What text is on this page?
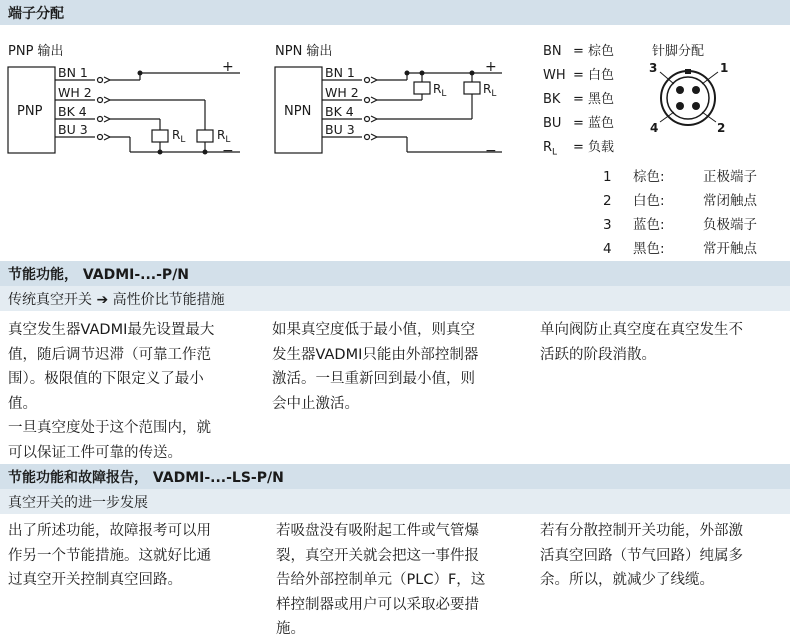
端子分配
PNP 输出	NPN 输出
PNP
BN 1
WH 2
BK 4
BU 3
+
−
$R_L$	$R_L$
NPN
BN 1
WH 2
BK 4
BU 3
+
−
$R_L$	$R_L$
BN = 棕色
WH = 白色
BK = 黑色
BU = 蓝色
$R_L$ = 负载
针脚分配
1
2
3
4
1 棕色:	正极端子
2 白色:	常闭触点
3 蓝色:	负极端子
4 黑色:	常开触点
节能功能， VADMI-...-P/N
传统真空开关 ➔ 高性价比节能措施
真空发生器VADMI最先设置最大
值，随后调节迟滞（可靠工作范
围）。极限值的下限定义了最小
值。
一旦真空度处于这个范围内，就
可以保证工件可靠的传送。
如果真空度低于最小值，则真空
发生器VADMI只能由外部控制器
激活。一旦重新回到最小值，则
会中止激活。
单向阀防止真空度在真空发生不
活跃的阶段消散。
节能功能和故障报告， VADMI-...-LS-P/N
真空开关的进一步发展
出了所述功能，故障报考可以用
作另一个节能措施。这就好比通
过真空开关控制真空回路。
若吸盘没有吸附起工件或气管爆
裂，真空开关就会把这一事件报
告给外部控制单元（PLC）F，这
样控制器或用户可以采取必要措
施。
若有分散控制开关功能，外部激
活真空回路（节气回路）纯属多
余。所以，就减少了线缆。
